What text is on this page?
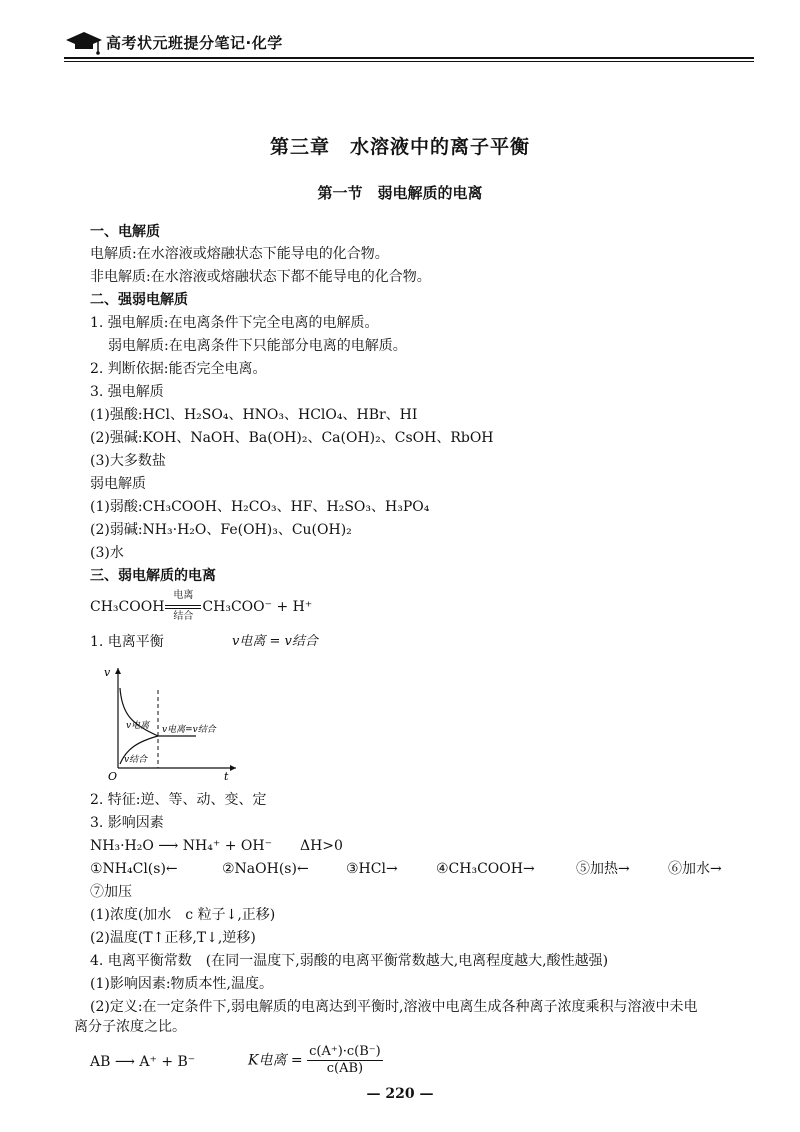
高考状元班提分笔记·化学
第三章　水溶液中的离子平衡
第一节　弱电解质的电离
一、电解质
电解质:在水溶液或熔融状态下能导电的化合物。
非电解质:在水溶液或熔融状态下都不能导电的化合物。
二、强弱电解质
1. 强电解质:在电离条件下完全电离的电解质。
弱电解质:在电离条件下只能部分电离的电解质。
2. 判断依据:能否完全电离。
3. 强电解质
(1)强酸:HCl、H₂SO₄、HNO₃、HClO₄、HBr、HI
(2)强碱:KOH、NaOH、Ba(OH)₂、Ca(OH)₂、CsOH、RbOH
(3)大多数盐
弱电解质
(1)弱酸:CH₃COOH、H₂CO₃、HF、H₂SO₃、H₃PO₄
(2)弱碱:NH₃·H₂O、Fe(OH)₃、Cu(OH)₂
(3)水
三、弱电解质的电离
CH₃COOH
电离
结合
CH₃COO⁻ + H⁺
1. 电离平衡	v电离 = v结合
v
t
O
v电离 v电离=v结合
v结合
2. 特征:逆、等、动、变、定
3. 影响因素
NH₃·H₂O ⟶ NH₄⁺ + OH⁻　　ΔH>0
①NH₄Cl(s)←	②NaOH(s)←	③HCl→	④CH₃COOH→	⑤加热→	⑥加水→
⑦加压
(1)浓度(加水　c 粒子↓,正移)
(2)温度(T↑正移,T↓,逆移)
4. 电离平衡常数　(在同一温度下,弱酸的电离平衡常数越大,电离程度越大,酸性越强)
(1)影响因素:物质本性,温度。
(2)定义:在一定条件下,弱电解质的电离达到平衡时,溶液中电离生成各种离子浓度乘积与溶液中未电离分子浓度之比。
AB ⟶ A⁺ + B⁻	K电离 = $\frac{c(A^+)\cdot c(B^-)}{c(AB)}$
— 220 —
